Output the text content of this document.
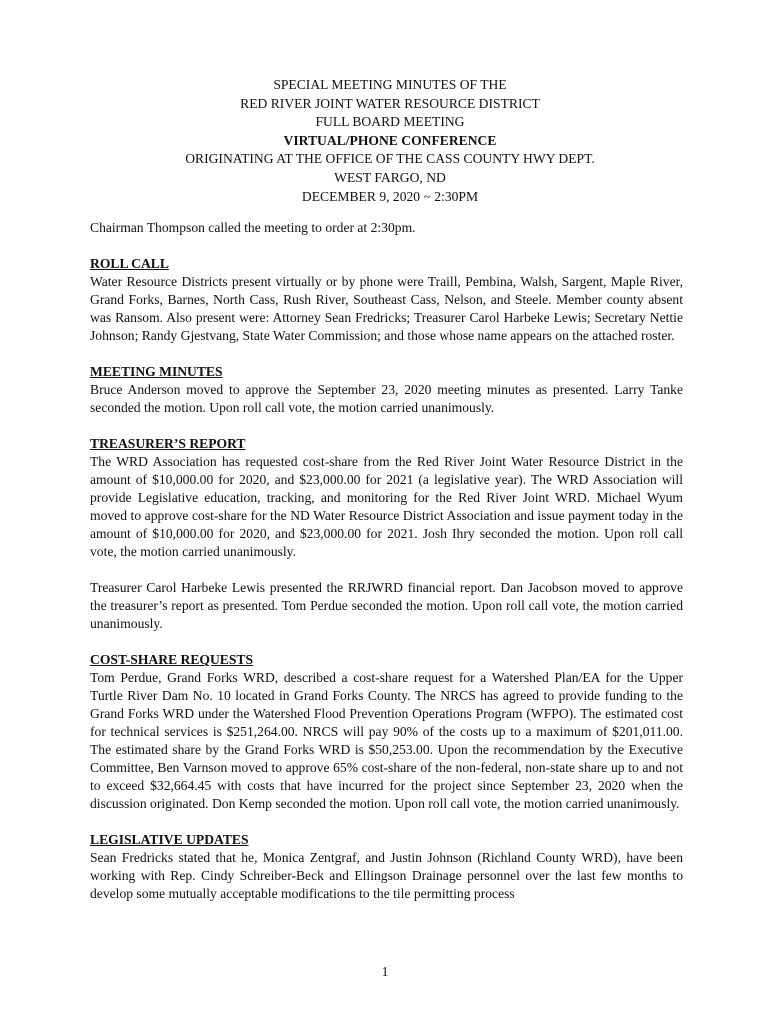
SPECIAL MEETING MINUTES OF THE
RED RIVER JOINT WATER RESOURCE DISTRICT
FULL BOARD MEETING
VIRTUAL/PHONE CONFERENCE
ORIGINATING AT THE OFFICE OF THE CASS COUNTY HWY DEPT.
WEST FARGO, ND
DECEMBER 9, 2020 ~ 2:30PM

Chairman Thompson called the meeting to order at 2:30pm.

ROLL CALL

Water Resource Districts present virtually or by phone were Traill, Pembina, Walsh, Sargent, Maple River, Grand Forks, Barnes, North Cass, Rush River, Southeast Cass, Nelson, and Steele. Member county absent was Ransom. Also present were: Attorney Sean Fredricks; Treasurer Carol Harbeke Lewis; Secretary Nettie Johnson; Randy Gjestvang, State Water Commission; and those whose name appears on the attached roster.

MEETING MINUTES

Bruce Anderson moved to approve the September 23, 2020 meeting minutes as presented. Larry Tanke seconded the motion. Upon roll call vote, the motion carried unanimously.

TREASURER’S REPORT

The WRD Association has requested cost-share from the Red River Joint Water Resource District in the amount of $10,000.00 for 2020, and $23,000.00 for 2021 (a legislative year). The WRD Association will provide Legislative education, tracking, and monitoring for the Red River Joint WRD. Michael Wyum moved to approve cost-share for the ND Water Resource District Association and issue payment today in the amount of $10,000.00 for 2020, and $23,000.00 for 2021. Josh Ihry seconded the motion. Upon roll call vote, the motion carried unanimously.

Treasurer Carol Harbeke Lewis presented the RRJWRD financial report. Dan Jacobson moved to approve the treasurer’s report as presented. Tom Perdue seconded the motion. Upon roll call vote, the motion carried unanimously.

COST-SHARE REQUESTS

Tom Perdue, Grand Forks WRD, described a cost-share request for a Watershed Plan/EA for the Upper Turtle River Dam No. 10 located in Grand Forks County. The NRCS has agreed to provide funding to the Grand Forks WRD under the Watershed Flood Prevention Operations Program (WFPO). The estimated cost for technical services is $251,264.00. NRCS will pay 90% of the costs up to a maximum of $201,011.00. The estimated share by the Grand Forks WRD is $50,253.00. Upon the recommendation by the Executive Committee, Ben Varnson moved to approve 65% cost-share of the non-federal, non-state share up to and not to exceed $32,664.45 with costs that have incurred for the project since September 23, 2020 when the discussion originated. Don Kemp seconded the motion. Upon roll call vote, the motion carried unanimously.

LEGISLATIVE UPDATES

Sean Fredricks stated that he, Monica Zentgraf, and Justin Johnson (Richland County WRD), have been working with Rep. Cindy Schreiber-Beck and Ellingson Drainage personnel over the last few months to develop some mutually acceptable modifications to the tile permitting process

1
